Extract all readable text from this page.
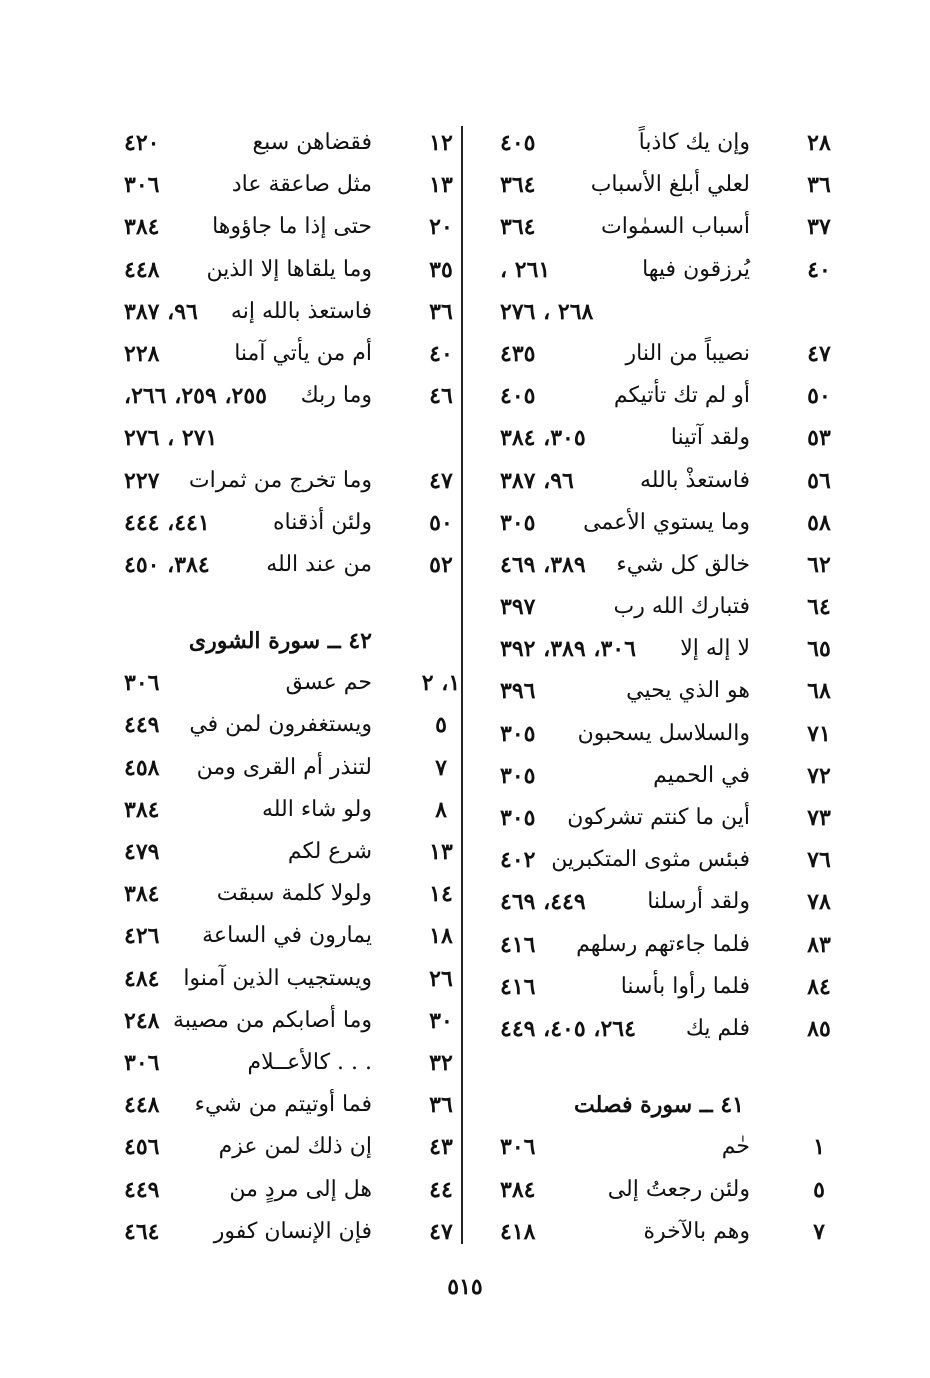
٢٨
وإن يك كاذباً
٤٠٥
٣٦
لعلي أبلغ الأسباب
٣٦٤
٣٧
أسباب السمٰوات
٣٦٤
٤٠
يُرزقون فيها
٢٦١ ،
٢٦٨ ، ٢٧٦
٤٧
نصيباً من النار
٤٣٥
٥٠
أو لم تك تأتيكم
٤٠٥
٥٣
ولقد آتينا
٣٠٥، ٣٨٤
٥٦
فاستعذْ بالله
٩٦، ٣٨٧
٥٨
وما يستوي الأعمى
٣٠٥
٦٢
خالق كل شيء
٣٨٩، ٤٦٩
٦٤
فتبارك الله رب
٣٩٧
٦٥
لا إله إلا
٣٠٦، ٣٨٩، ٣٩٢
٦٨
هو الذي يحيي
٣٩٦
٧١
والسلاسل يسحبون
٣٠٥
٧٢
في الحميم
٣٠٥
٧٣
أين ما كنتم تشركون
٣٠٥
٧٦
فبئس مثوى المتكبرين
٤٠٢
٧٨
ولقد أرسلنا
٤٤٩، ٤٦٩
٨٣
فلما جاءتهم رسلهم
٤١٦
٨٤
فلما رأوا بأسنا
٤١٦
٨٥
فلم يك
٢٦٤، ٤٠٥، ٤٤٩
٤١ ــ سورة فصلت
١
حٰم
٣٠٦
٥
ولئن رجعتُ إلى
٣٨٤
٧
وهم بالآخرة
٤١٨
١٢
فقضاهن سبع
٤٢٠
١٣
مثل صاعقة عاد
٣٠٦
٢٠
حتى إذا ما جاؤوها
٣٨٤
٣٥
وما يلقاها إلا الذين
٤٤٨
٣٦
فاستعذ بالله إنه
٩٦، ٣٨٧
٤٠
أم من يأتي آمنا
٢٢٨
٤٦
وما ربك
٢٥٥، ٢٥٩، ٢٦٦،
٢٧١ ، ٢٧٦
٤٧
وما تخرج من ثمرات
٢٢٧
٥٠
ولئن أذقناه
٤٤١، ٤٤٤
٥٢
من عند الله
٣٨٤، ٤٥٠
٤٢ ــ سورة الشورى
١، ٢
حم عسق
٣٠٦
٥
ويستغفرون لمن في
٤٤٩
٧
لتنذر أم القرى ومن
٤٥٨
٨
ولو شاء الله
٣٨٤
١٣
شرع لكم
٤٧٩
١٤
ولولا كلمة سبقت
٣٨٤
١٨
يمارون في الساعة
٤٢٦
٢٦
ويستجيب الذين آمنوا
٤٨٤
٣٠
وما أصابكم من مصيبة
٢٤٨
٣٢
. . . كالأعــلام
٣٠٦
٣٦
فما أوتيتم من شيء
٤٤٨
٤٣
إن ذلك لمن عزم
٤٥٦
٤٤
هل إلى مردٍ من
٤٤٩
٤٧
فإن الإنسان كفور
٤٦٤
٥١٥
